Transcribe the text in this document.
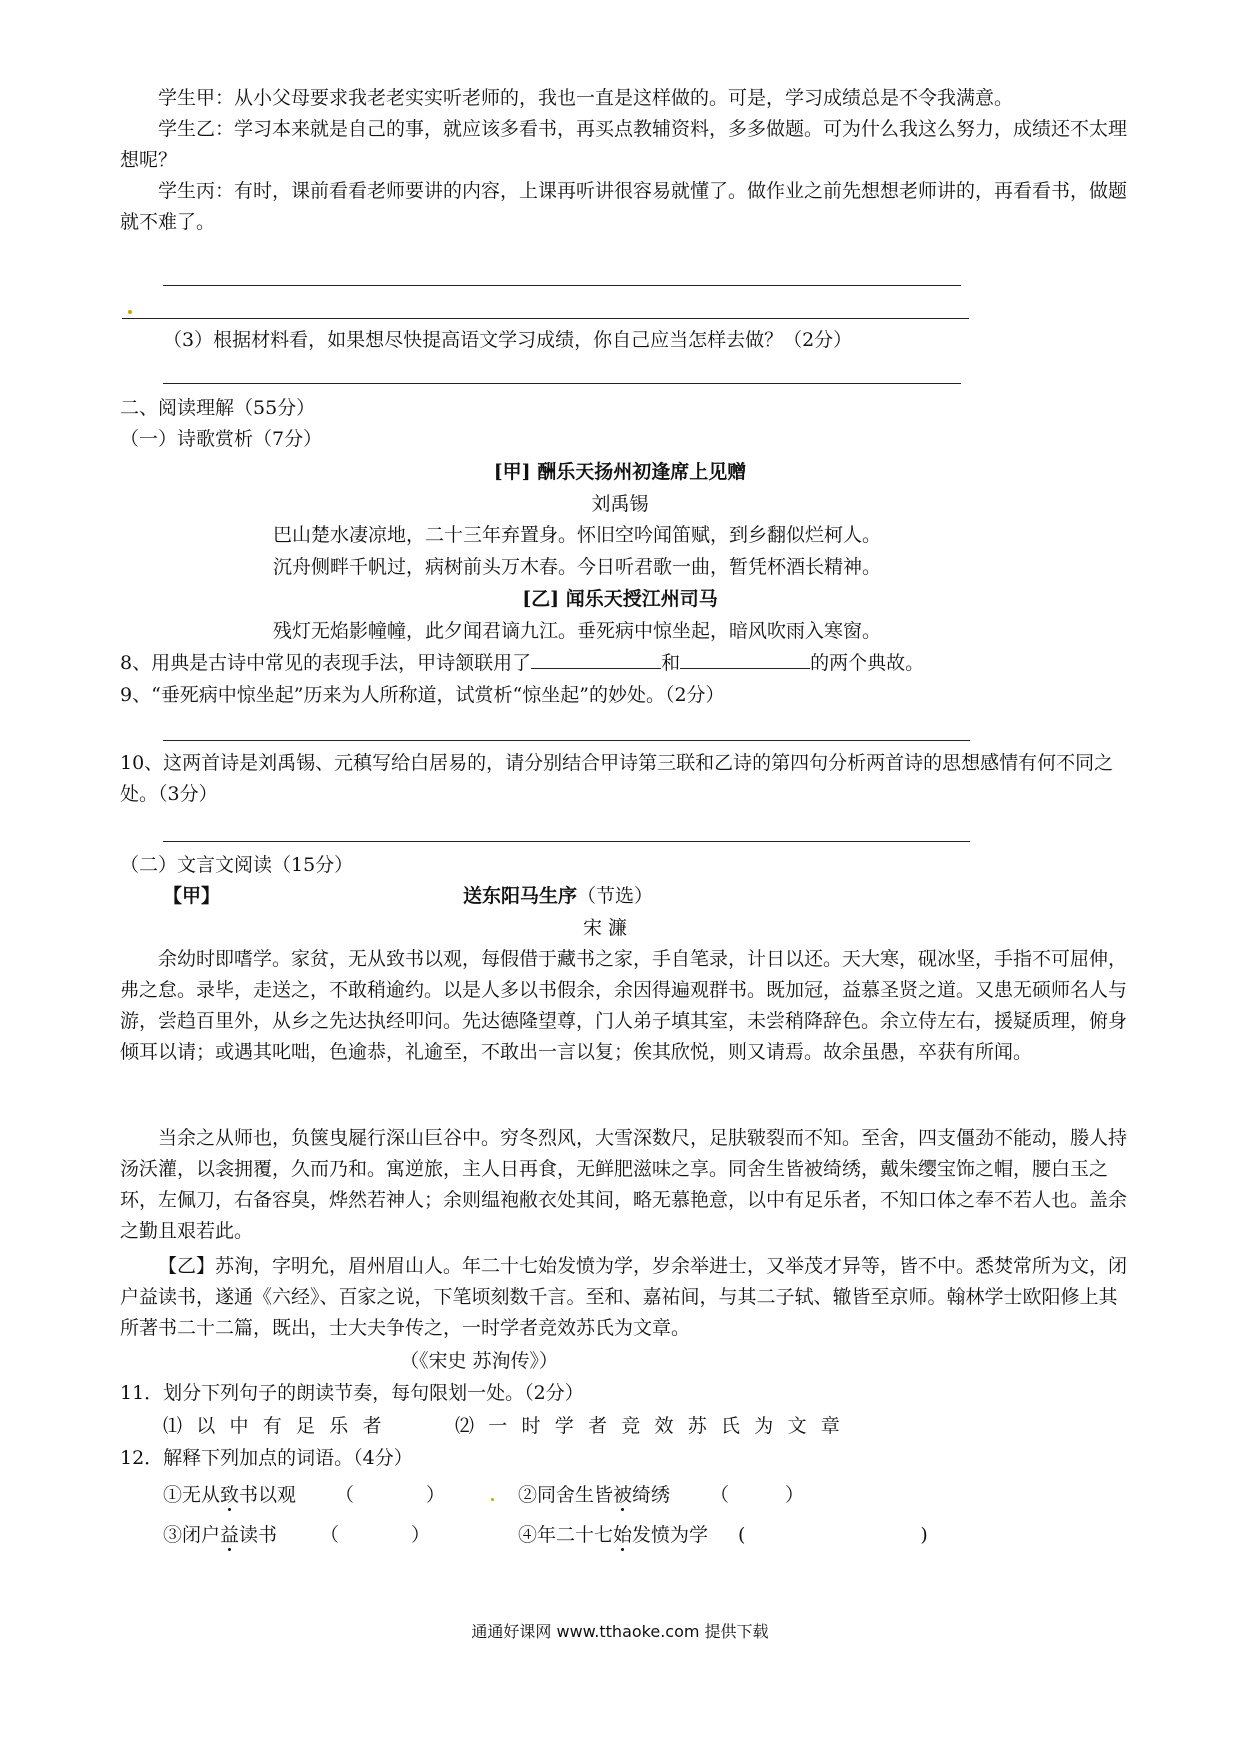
学生甲：从小父母要求我老老实实听老师的，我也一直是这样做的。可是，学习成绩总是不令我满意。
学生乙：学习本来就是自己的事，就应该多看书，再买点教辅资料，多多做题。可为什么我这么努力，成绩还不太理想呢？
学生丙：有时，课前看看老师要讲的内容，上课再听讲很容易就懂了。做作业之前先想想老师讲的，再看看书，做题就不难了。
（3）根据材料看，如果想尽快提高语文学习成绩，你自己应当怎样去做？（2分）
二、阅读理解（55分）
（一）诗歌赏析（7分）
[甲] 酬乐天扬州初逢席上见赠
刘禹锡
巴山楚水凄凉地，二十三年弃置身。怀旧空吟闻笛赋，到乡翻似烂柯人。
沉舟侧畔千帆过，病树前头万木春。今日听君歌一曲，暂凭杯酒长精神。
[乙] 闻乐天授江州司马
残灯无焰影幢幢，此夕闻君谪九江。垂死病中惊坐起，暗风吹雨入寒窗。
8、用典是古诗中常见的表现手法，甲诗颔联用了	和	的两个典故。
9、“垂死病中惊坐起”历来为人所称道，试赏析“惊坐起”的妙处。（2分）
10、这两首诗是刘禹锡、元稹写给白居易的，请分别结合甲诗第三联和乙诗的第四句分析两首诗的思想感情有何不同之处。（3分）
（二）文言文阅读（15分）
【甲】	送东阳马生序（节选）
宋 濂
余幼时即嗜学。家贫，无从致书以观，每假借于藏书之家，手自笔录，计日以还。天大寒，砚冰坚，手指不可屈伸，弗之怠。录毕，走送之，不敢稍逾约。以是人多以书假余，余因得遍观群书。既加冠，益慕圣贤之道。又患无硕师名人与游，尝趋百里外，从乡之先达执经叩问。先达德隆望尊，门人弟子填其室，未尝稍降辞色。余立侍左右，援疑质理，俯身倾耳以请；或遇其叱咄，色逾恭，礼逾至，不敢出一言以复；俟其欣悦，则又请焉。故余虽愚，卒获有所闻。
当余之从师也，负箧曳屣行深山巨谷中。穷冬烈风，大雪深数尺，足肤皲裂而不知。至舍，四支僵劲不能动，媵人持汤沃灌，以衾拥覆，久而乃和。寓逆旅，主人日再食，无鲜肥滋味之享。同舍生皆被绮绣，戴朱缨宝饰之帽，腰白玉之环，左佩刀，右备容臭，烨然若神人；余则缊袍敝衣处其间，略无慕艳意，以中有足乐者，不知口体之奉不若人也。盖余之勤且艰若此。
【乙】苏洵，字明允，眉州眉山人。年二十七始发愤为学，岁余举进士，又举茂才异等，皆不中。悉焚常所为文，闭户益读书，遂通《六经》、百家之说，下笔顷刻数千言。至和、嘉祐间，与其二子轼、辙皆至京师。翰林学士欧阳修上其所著书二十二篇，既出，士大夫争传之，一时学者竞效苏氏为文章。
（《宋史 苏洵传》）
11．划分下列句子的朗读节奏，每句限划一处。（2分）
⑴以中有足乐者	⑵一时学者竞效苏氏为文章
12．解释下列加点的词语。（4分）
①无从致书以观 （	）	②同舍生皆被绮绣 （	）
③闭户益读书 （	）	④年二十七始发愤为学 (	)
通通好课网 www.tthaoke.com 提供下载
